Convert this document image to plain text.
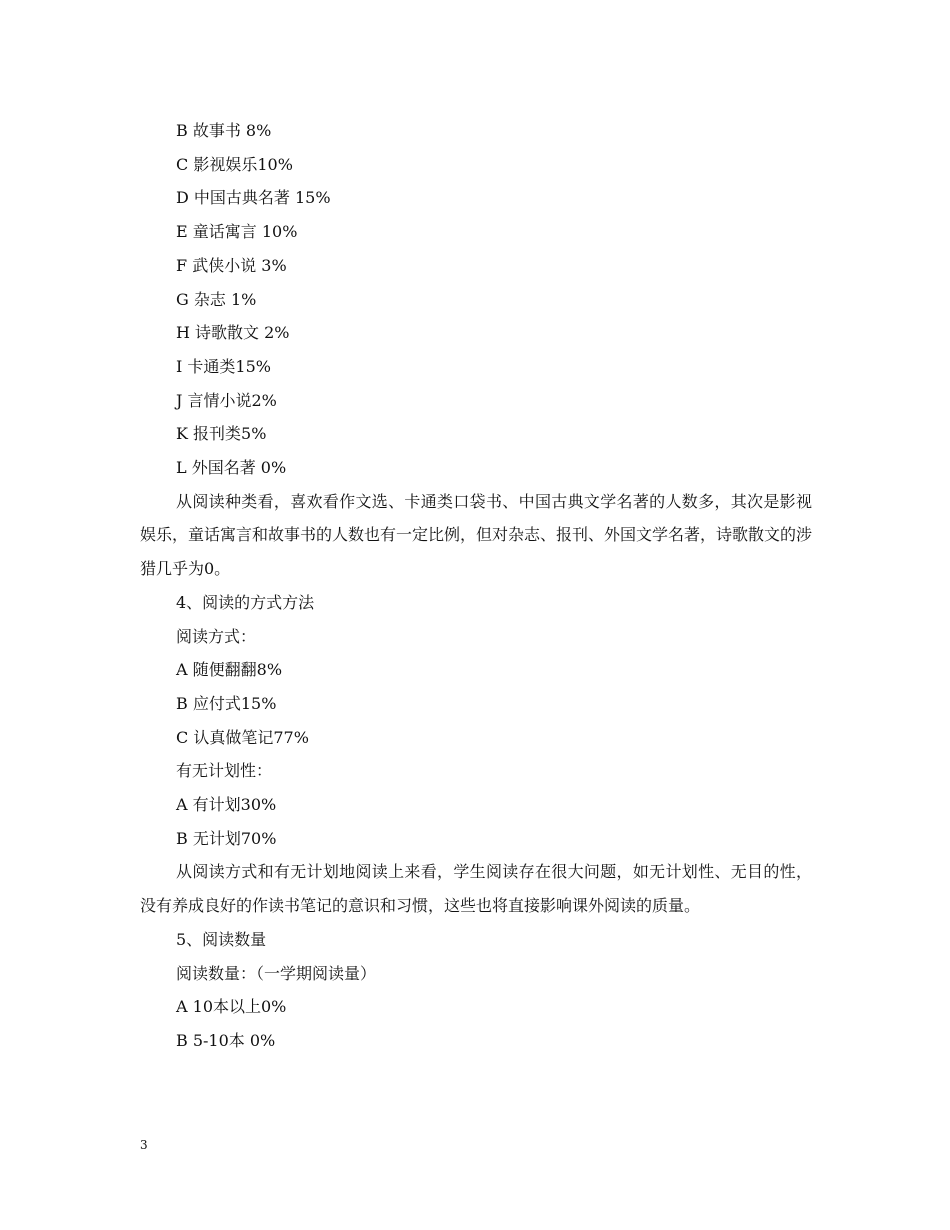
B 故事书 8%

C 影视娱乐10%

D 中国古典名著 15%

E 童话寓言 10%

F 武侠小说 3%

G 杂志 1%

H 诗歌散文 2%

I 卡通类15%

J 言情小说2%

K 报刊类5%

L 外国名著 0%

从阅读种类看，喜欢看作文选、卡通类口袋书、中国古典文学名著的人数多，其次是影视娱乐，童话寓言和故事书的人数也有一定比例，但对杂志、报刊、外国文学名著，诗歌散文的涉猎几乎为0。

4、阅读的方式方法

阅读方式：

A 随便翻翻8%

B 应付式15%

C 认真做笔记77%

有无计划性：

A 有计划30%

B 无计划70%

从阅读方式和有无计划地阅读上来看，学生阅读存在很大问题，如无计划性、无目的性，没有养成良好的作读书笔记的意识和习惯，这些也将直接影响课外阅读的质量。

5、阅读数量

阅读数量：（一学期阅读量）

A 10本以上0%

B 5-10本 0%

3
